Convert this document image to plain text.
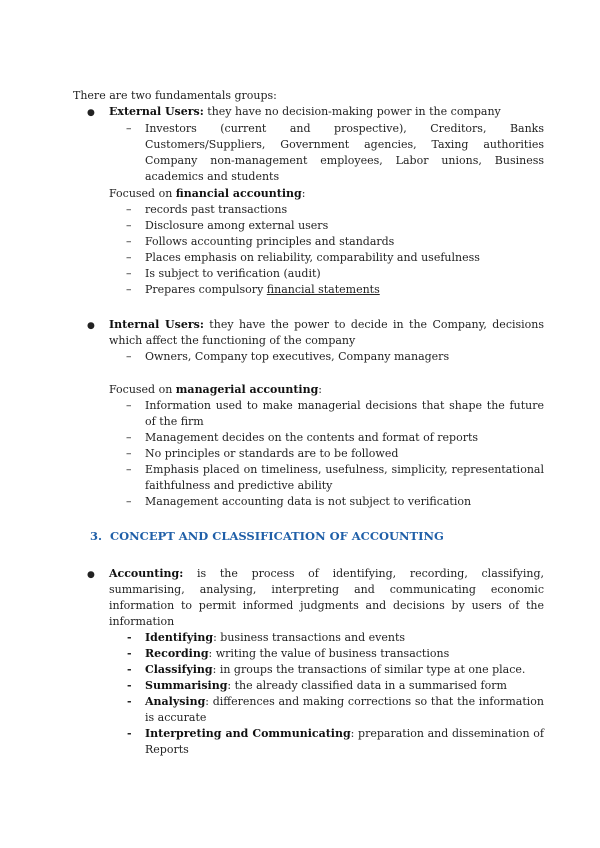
There are two fundamentals groups:
● External Users: they have no decision-making power in the company
– Investors (current and prospective), Creditors, Banks Customers/Suppliers, Government agencies, Taxing authorities Company non-management employees, Labor unions, Business academics and students
Focused on financial accounting:
– records past transactions
– Disclosure among external users
– Follows accounting principles and standards
– Places emphasis on reliability, comparability and usefulness
– Is subject to verification (audit)
– Prepares compulsory financial statements
● Internal Users: they have the power to decide in the Company, decisions which affect the functioning of the company
– Owners, Company top executives, Company managers
Focused on managerial accounting:
– Information used to make managerial decisions that shape the future of the firm
– Management decides on the contents and format of reports
– No principles or standards are to be followed
– Emphasis placed on timeliness, usefulness, simplicity, representational faithfulness and predictive ability
– Management accounting data is not subject to verification
3. CONCEPT AND CLASSIFICATION OF ACCOUNTING
● Accounting: is the process of identifying, recording, classifying, summarising, analysing, interpreting and communicating economic information to permit informed judgments and decisions by users of the information
- Identifying: business transactions and events
- Recording: writing the value of business transactions
- Classifying: in groups the transactions of similar type at one place.
- Summarising: the already classified data in a summarised form
- Analysing: differences and making corrections so that the information is accurate
- Interpreting and Communicating: preparation and dissemination of Reports
